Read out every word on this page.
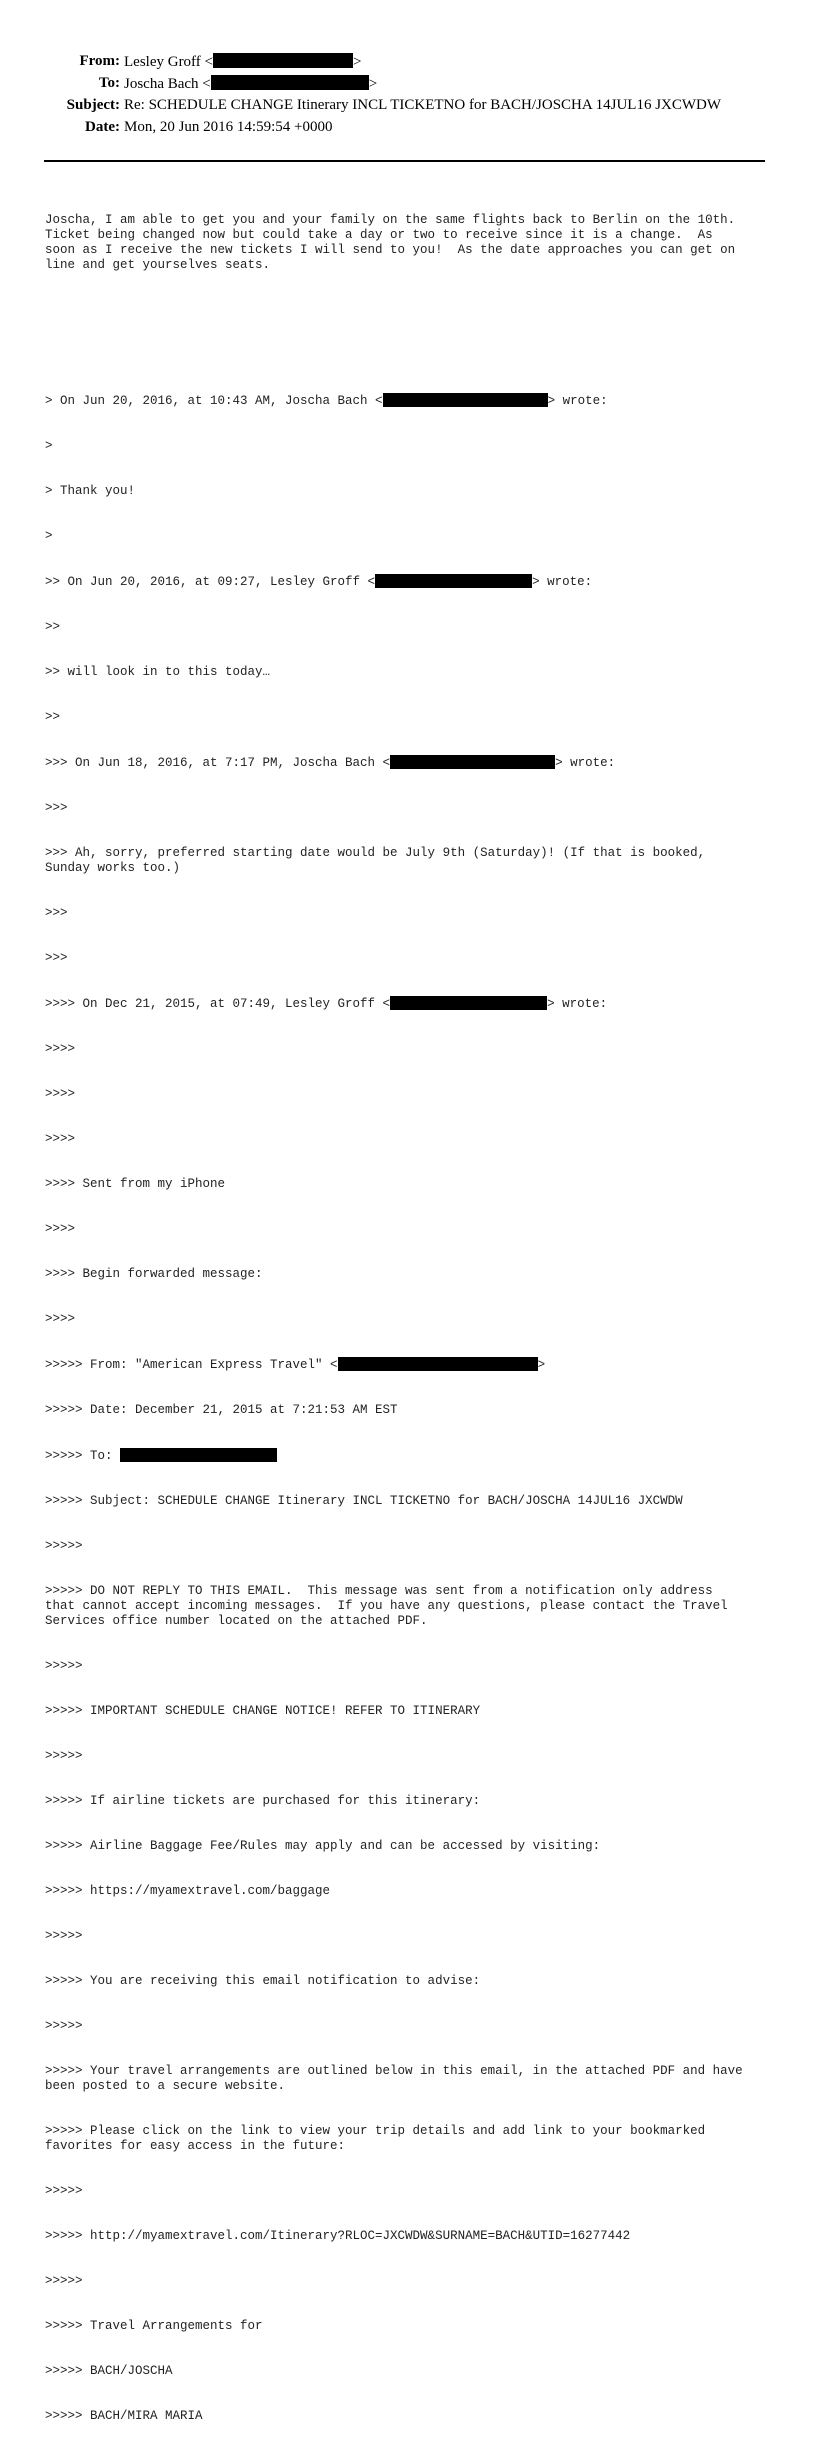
From: Lesley Groff <	>
To: Joscha Bach <	>
Subject: Re: SCHEDULE CHANGE Itinerary INCL TICKETNO for BACH/JOSCHA 14JUL16 JXCWDW
Date: Mon, 20 Jun 2016 14:59:54 +0000

Joscha, I am able to get you and your family on the same flights back to Berlin on the 10th.
Ticket being changed now but could take a day or two to receive since it is a change.  As
soon as I receive the new tickets I will send to you!  As the date approaches you can get on
line and get yourselves seats.

> On Jun 20, 2016, at 10:43 AM, Joscha Bach <	> wrote:

>

> Thank you!

>

>> On Jun 20, 2016, at 09:27, Lesley Groff <	> wrote:

>>

>> will look in to this today…

>>

>>> On Jun 18, 2016, at 7:17 PM, Joscha Bach <	> wrote:

>>>

>>> Ah, sorry, preferred starting date would be July 9th (Saturday)! (If that is booked,
Sunday works too.)

>>>

>>>

>>>> On Dec 21, 2015, at 07:49, Lesley Groff <	> wrote:

>>>>

>>>>

>>>>

>>>> Sent from my iPhone

>>>>

>>>> Begin forwarded message:

>>>>

>>>>> From: "American Express Travel" <	>

>>>>> Date: December 21, 2015 at 7:21:53 AM EST

>>>>> To:

>>>>> Subject: SCHEDULE CHANGE Itinerary INCL TICKETNO for BACH/JOSCHA 14JUL16 JXCWDW

>>>>>

>>>>> DO NOT REPLY TO THIS EMAIL.  This message was sent from a notification only address
that cannot accept incoming messages.  If you have any questions, please contact the Travel
Services office number located on the attached PDF.

>>>>>

>>>>> IMPORTANT SCHEDULE CHANGE NOTICE! REFER TO ITINERARY

>>>>>

>>>>> If airline tickets are purchased for this itinerary:

>>>>> Airline Baggage Fee/Rules may apply and can be accessed by visiting:

>>>>> https://myamextravel.com/baggage

>>>>>

>>>>> You are receiving this email notification to advise:

>>>>>

>>>>> Your travel arrangements are outlined below in this email, in the attached PDF and have
been posted to a secure website.

>>>>> Please click on the link to view your trip details and add link to your bookmarked
favorites for easy access in the future:

>>>>>

>>>>> http://myamextravel.com/Itinerary?RLOC=JXCWDW&SURNAME=BACH&UTID=16277442

>>>>>

>>>>> Travel Arrangements for

>>>>> BACH/JOSCHA

>>>>> BACH/MIRA MARIA
